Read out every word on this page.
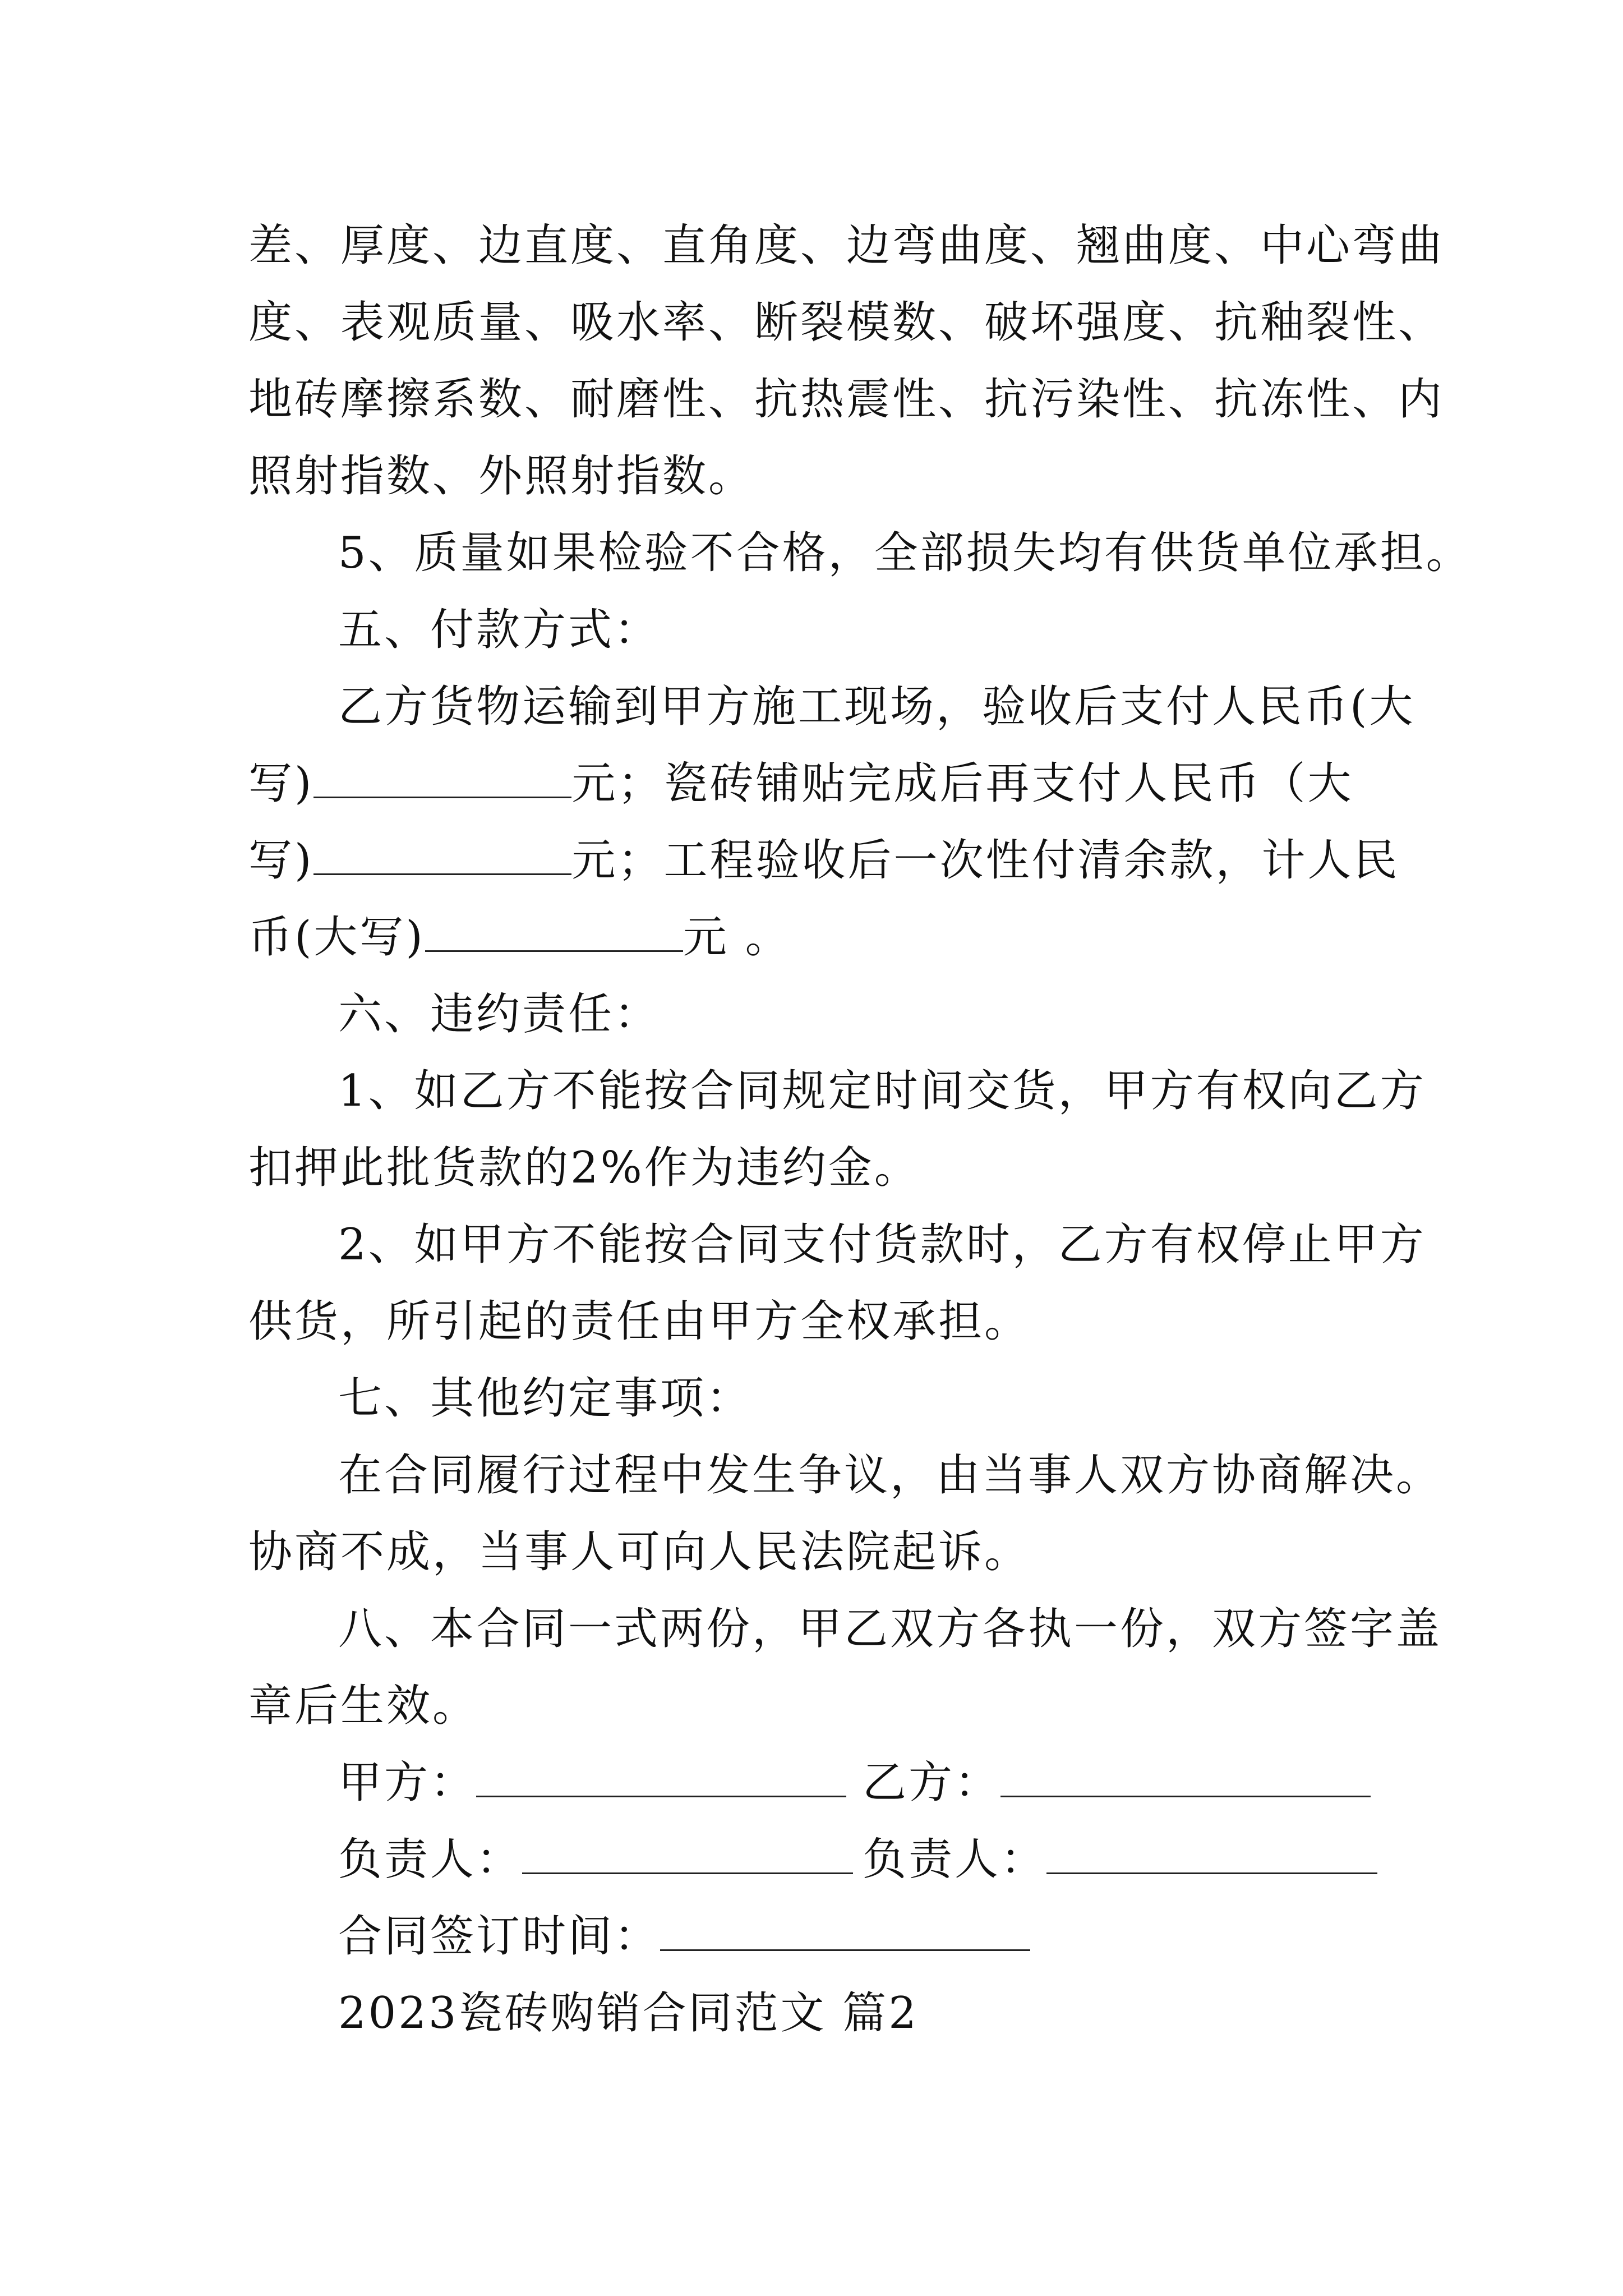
差、厚度、边直度、直角度、边弯曲度、翘曲度、中心弯曲

度、表观质量、吸水率、断裂模数、破坏强度、抗釉裂性、

地砖摩擦系数、耐磨性、抗热震性、抗污染性、抗冻性、内

照射指数、外照射指数。

5、质量如果检验不合格，全部损失均有供货单位承担。

五、付款方式：

乙方货物运输到甲方施工现场，验收后支付人民币(大

写)	元；瓷砖铺贴完成后再支付人民币（大

写)	元；工程验收后一次性付清余款，计人民

币(大写)	元 。

六、违约责任：

1、如乙方不能按合同规定时间交货，甲方有权向乙方

扣押此批货款的2%作为违约金。

2、如甲方不能按合同支付货款时，乙方有权停止甲方

供货，所引起的责任由甲方全权承担。

七、其他约定事项：

在合同履行过程中发生争议，由当事人双方协商解决。

协商不成，当事人可向人民法院起诉。

八、本合同一式两份，甲乙双方各执一份，双方签字盖

章后生效。

甲方：	乙方：
负责人：	负责人：
合同签订时间：

2023瓷砖购销合同范文 篇2
